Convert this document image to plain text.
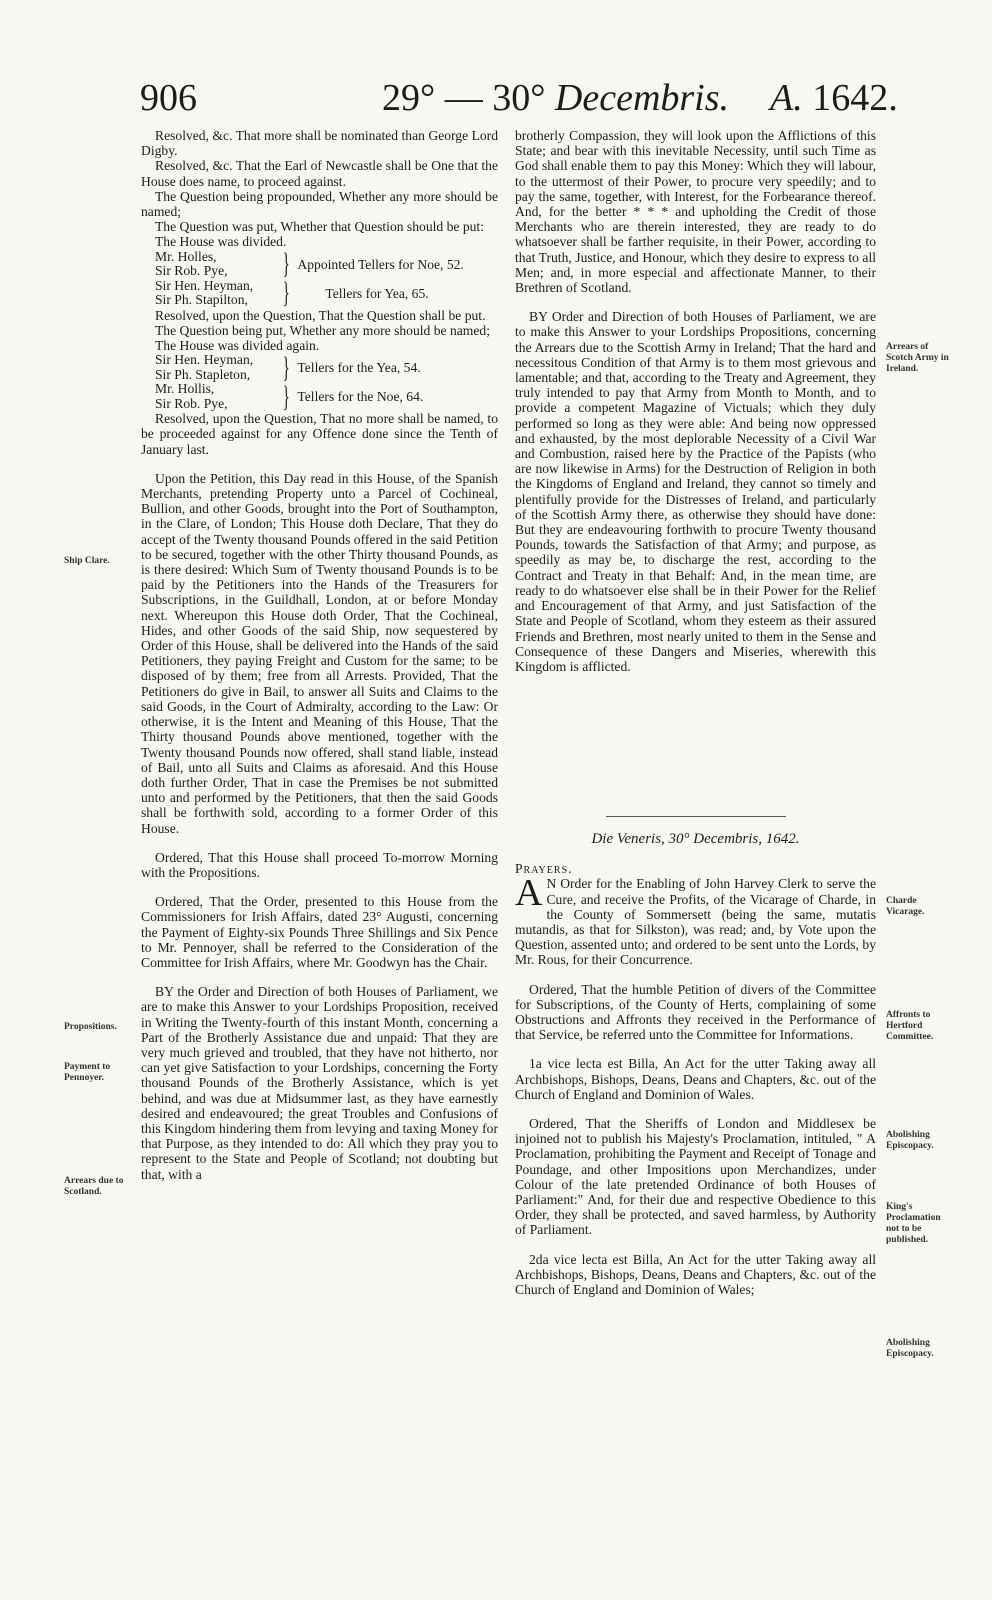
906	29° — 30° Decembris. A. 1642.

Resolved, &c. That more shall be nominated than George Lord Digby.

Resolved, &c. That the Earl of Newcastle shall be One that the House does name, to proceed against.

The Question being propounded, Whether any more should be named;

The Question was put, Whether that Question should be put:

The House was divided.

Mr. Holles,
Sir Rob. Pye,	} Appointed Tellers for Noe, 52.
Sir Hen. Heyman,
Sir Ph. Stapilton,	}	Tellers for Yea, 65.

Resolved, upon the Question, That the Question shall be put.

The Question being put, Whether any more should be named;

The House was divided again.

Sir Hen. Heyman,
Sir Ph. Stapleton,	} Tellers for the Yea, 54.
Mr. Hollis,
Sir Rob. Pye,	} Tellers for the Noe, 64.

Resolved, upon the Question, That no more shall be named, to be proceeded against for any Offence done since the Tenth of January last.

Upon the Petition, this Day read in this House, of the Spanish Merchants, pretending Property unto a Parcel of Cochineal, Bullion, and other Goods, brought into the Port of Southampton, in the Clare, of London; This House doth Declare, That they do accept of the Twenty thousand Pounds offered in the said Petition to be secured, together with the other Thirty thousand Pounds, as is there desired: Which Sum of Twenty thousand Pounds is to be paid by the Petitioners into the Hands of the Treasurers for Subscriptions, in the Guildhall, London, at or before Monday next. Whereupon this House doth Order, That the Cochineal, Hides, and other Goods of the said Ship, now sequestered by Order of this House, shall be delivered into the Hands of the said Petitioners, they paying Freight and Custom for the same; to be disposed of by them; free from all Arrests. Provided, That the Petitioners do give in Bail, to answer all Suits and Claims to the said Goods, in the Court of Admiralty, according to the Law: Or otherwise, it is the Intent and Meaning of this House, That the Thirty thousand Pounds above mentioned, together with the Twenty thousand Pounds now offered, shall stand liable, instead of Bail, unto all Suits and Claims as aforesaid. And this House doth further Order, That in case the Premises be not submitted unto and performed by the Petitioners, that then the said Goods shall be forthwith sold, according to a former Order of this House.

Ordered, That this House shall proceed To-morrow Morning with the Propositions.

Ordered, That the Order, presented to this House from the Commissioners for Irish Affairs, dated 23° Augusti, concerning the Payment of Eighty-six Pounds Three Shillings and Six Pence to Mr. Pennoyer, shall be referred to the Consideration of the Committee for Irish Affairs, where Mr. Goodwyn has the Chair.

BY the Order and Direction of both Houses of Parliament, we are to make this Answer to your Lordships Proposition, received in Writing the Twenty-fourth of this instant Month, concerning a Part of the Brotherly Assistance due and unpaid: That they are very much grieved and troubled, that they have not hitherto, nor can yet give Satisfaction to your Lordships, concerning the Forty thousand Pounds of the Brotherly Assistance, which is yet behind, and was due at Midsummer last, as they have earnestly desired and endeavoured; the great Troubles and Confusions of this Kingdom hindering them from levying and taxing Money for that Purpose, as they intended to do: All which they pray you to represent to the State and People of Scotland; not doubting but that, with a

Ship Clare.
Propositions.
Payment to Pennoyer.
Arrears due to Scotland.

brotherly Compassion, they will look upon the Afflictions of this State; and bear with this inevitable Necessity, until such Time as God shall enable them to pay this Money: Which they will labour, to the uttermost of their Power, to procure very speedily; and to pay the same, together, with Interest, for the Forbearance thereof. And, for the better * * * and upholding the Credit of those Merchants who are therein interested, they are ready to do whatsoever shall be farther requisite, in their Power, according to that Truth, Justice, and Honour, which they desire to express to all Men; and, in more especial and affectionate Manner, to their Brethren of Scotland.

BY Order and Direction of both Houses of Parliament, we are to make this Answer to your Lordships Propositions, concerning the Arrears due to the Scottish Army in Ireland; That the hard and necessitous Condition of that Army is to them most grievous and lamentable; and that, according to the Treaty and Agreement, they truly intended to pay that Army from Month to Month, and to provide a competent Magazine of Victuals; which they duly performed so long as they were able: And being now oppressed and exhausted, by the most deplorable Necessity of a Civil War and Combustion, raised here by the Practice of the Papists (who are now likewise in Arms) for the Destruction of Religion in both the Kingdoms of England and Ireland, they cannot so timely and plentifully provide for the Distresses of Ireland, and particularly of the Scottish Army there, as otherwise they should have done: But they are endeavouring forthwith to procure Twenty thousand Pounds, towards the Satisfaction of that Army; and purpose, as speedily as may be, to discharge the rest, according to the Contract and Treaty in that Behalf: And, in the mean time, are ready to do whatsoever else shall be in their Power for the Relief and Encouragement of that Army, and just Satisfaction of the State and People of Scotland, whom they esteem as their assured Friends and Brethren, most nearly united to them in the Sense and Consequence of these Dangers and Miseries, wherewith this Kingdom is afflicted.

Die Veneris, 30° Decembris, 1642.

Prayers.

A N Order for the Enabling of John Harvey Clerk to serve the Cure, and receive the Profits, of the Vicarage of Charde, in the County of Sommersett (being the same, mutatis mutandis, as that for Silkston), was read; and, by Vote upon the Question, assented unto; and ordered to be sent unto the Lords, by Mr. Rous, for their Concurrence.

Ordered, That the humble Petition of divers of the Committee for Subscriptions, of the County of Herts, complaining of some Obstructions and Affronts they received in the Performance of that Service, be referred unto the Committee for Informations.

1a vice lecta est Billa, An Act for the utter Taking away all Archbishops, Bishops, Deans, Deans and Chapters, &c. out of the Church of England and Dominion of Wales.

Ordered, That the Sheriffs of London and Middlesex be injoined not to publish his Majesty's Proclamation, intituled, " A Proclamation, prohibiting the Payment and Receipt of Tonage and Poundage, and other Impositions upon Merchandizes, under Colour of the late pretended Ordinance of both Houses of Parliament:" And, for their due and respective Obedience to this Order, they shall be protected, and saved harmless, by Authority of Parliament.

2da vice lecta est Billa, An Act for the utter Taking away all Archbishops, Bishops, Deans, Deans and Chapters, &c. out of the Church of England and Dominion of Wales;

Arrears of Scotch Army in Ireland.
Charde Vicarage.
Affronts to Hertford Committee.
Abolishing Episcopacy.
King's Proclamation not to be published.
Abolishing Episcopacy.
